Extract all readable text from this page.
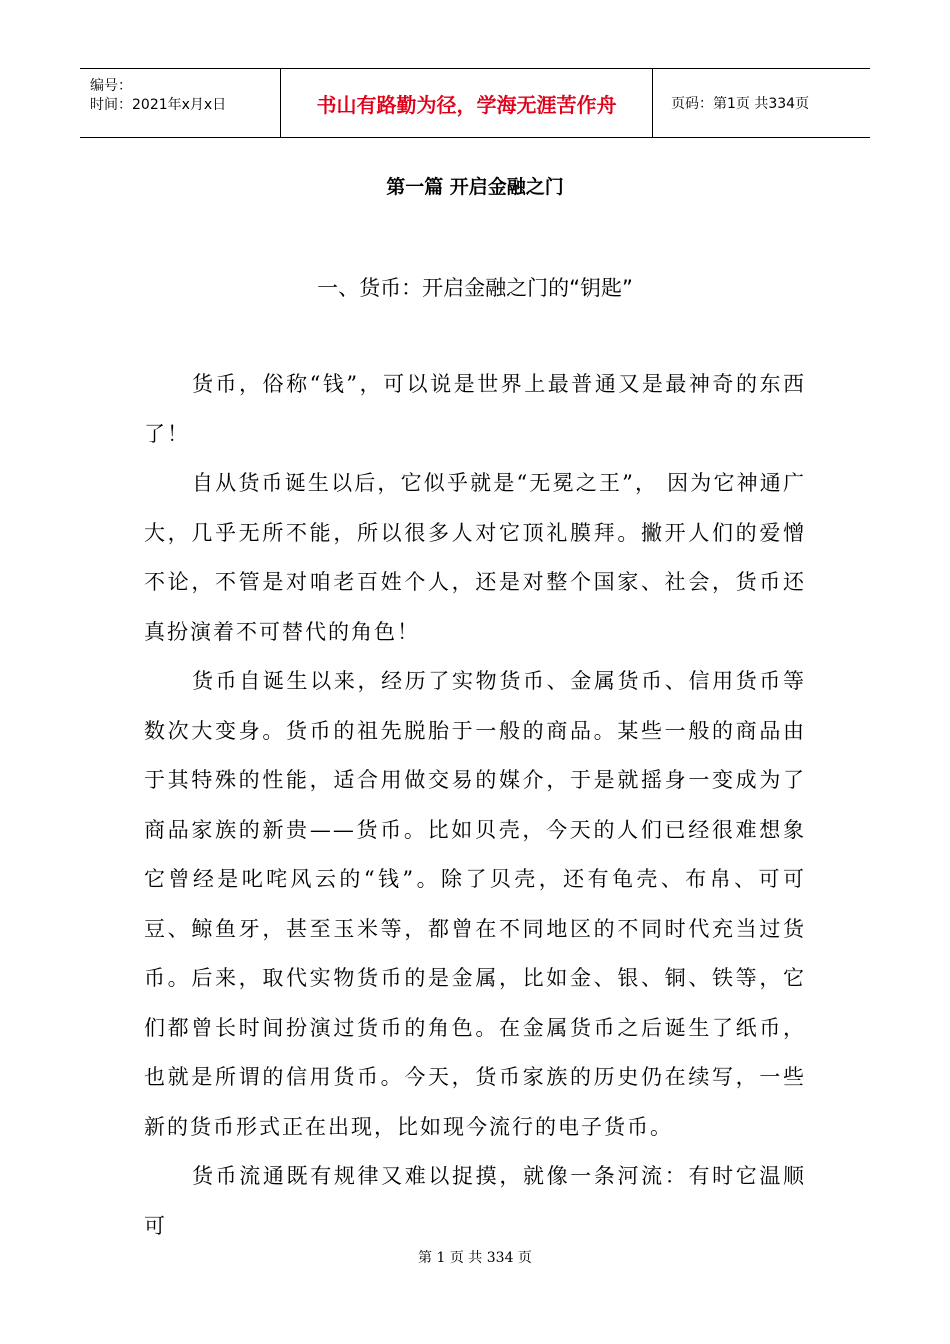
编号：
时间：2021年x月x日	书山有路勤为径，学海无涯苦作舟	页码：第1页 共334页
第一篇 开启金融之门
一、货币：开启金融之门的“钥匙”

货币，俗称“钱”，可以说是世界上最普通又是最神奇的东西了！

自从货币诞生以后，它似乎就是“无冕之王”， 因为它神通广大，几乎无所不能，所以很多人对它顶礼膜拜。撇开人们的爱憎不论，不管是对咱老百姓个人，还是对整个国家、社会，货币还真扮演着不可替代的角色！

货币自诞生以来，经历了实物货币、金属货币、信用货币等数次大变身。货币的祖先脱胎于一般的商品。某些一般的商品由于其特殊的性能，适合用做交易的媒介，于是就摇身一变成为了商品家族的新贵——货币。比如贝壳，今天的人们已经很难想象它曾经是叱咤风云的“钱”。除了贝壳，还有龟壳、布帛、可可豆、鲸鱼牙，甚至玉米等，都曾在不同地区的不同时代充当过货币。后来，取代实物货币的是金属，比如金、银、铜、铁等，它们都曾长时间扮演过货币的角色。在金属货币之后诞生了纸币，也就是所谓的信用货币。今天，货币家族的历史仍在续写，一些新的货币形式正在出现，比如现今流行的电子货币。

货币流通既有规律又难以捉摸，就像一条河流：有时它温顺可

第 1 页 共 334 页
